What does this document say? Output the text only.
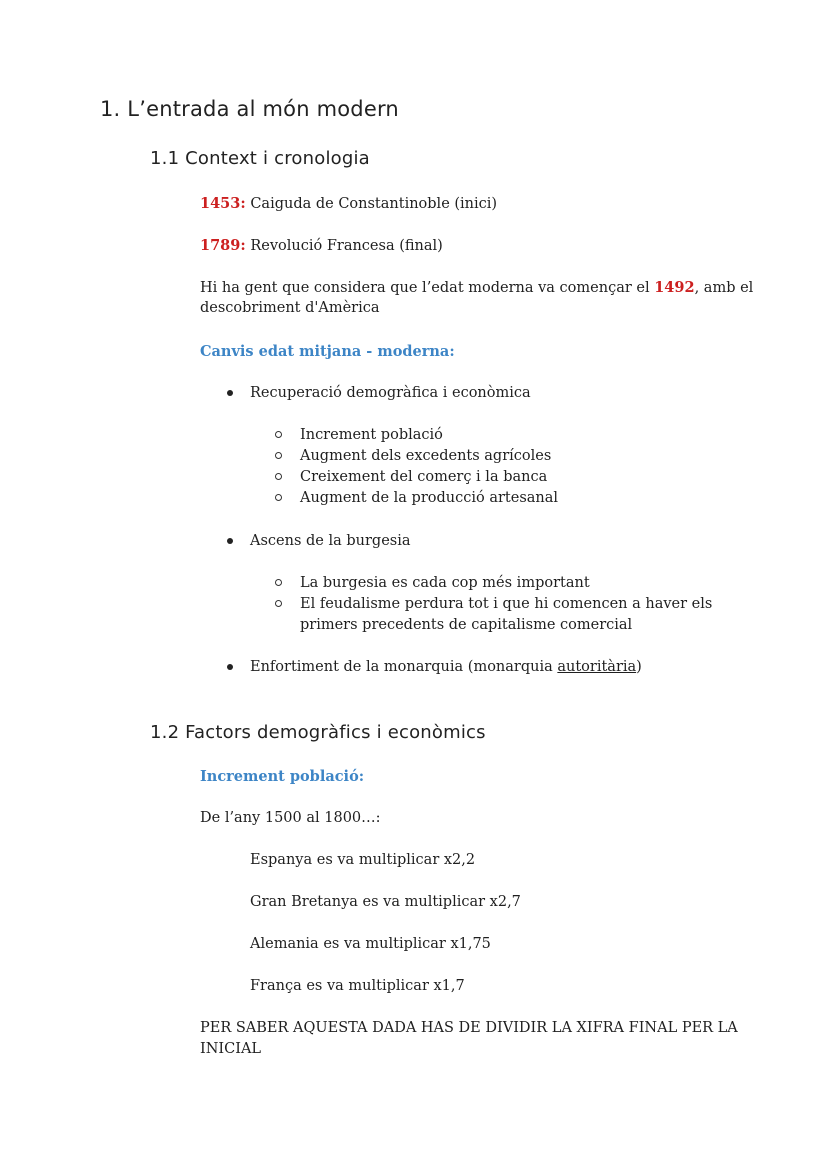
1. L’entrada al món modern
1.1 Context i cronologia
1453: Caiguda de Constantinoble (inici)
1789: Revolució Francesa (final)
Hi ha gent que considera que l’edat moderna va començar el 1492, amb el
descobriment d'Amèrica
Canvis edat mitjana - moderna:
Recuperació demogràfica i econòmica
Increment població
Augment dels excedents agrícoles
Creixement del comerç i la banca
Augment de la producció artesanal
Ascens de la burgesia
La burgesia es cada cop més important
El feudalisme perdura tot i que hi comencen a haver els
primers precedents de capitalisme comercial
Enfortiment de la monarquia (monarquia autoritària)
1.2 Factors demogràfics i econòmics
Increment població:
De l’any 1500 al 1800…:
Espanya es va multiplicar x2,2
Gran Bretanya es va multiplicar x2,7
Alemania es va multiplicar x1,75
França es va multiplicar x1,7
PER SABER AQUESTA DADA HAS DE DIVIDIR LA XIFRA FINAL PER LA
INICIAL
